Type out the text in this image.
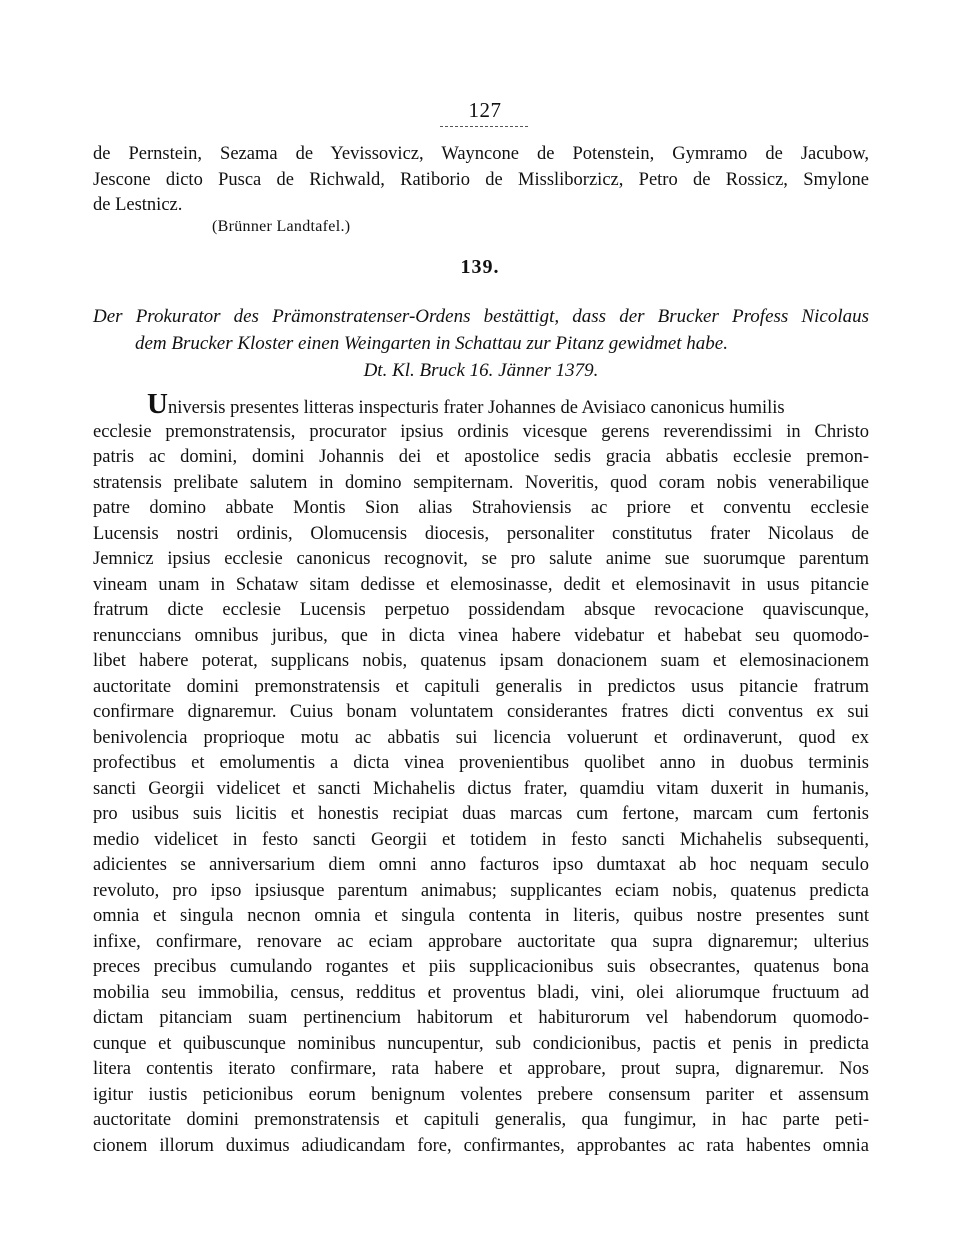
127
de Pernstein, Sezama de Yevissovicz, Wayncone de Potenstein, Gymramo de Jacubow,
Jescone dicto Pusca de Richwald, Ratiborio de Missliborzicz, Petro de Rossicz, Smylone
de Lestnicz.
(Brünner Landtafel.)
139.
Der Prokurator des Prämonstratenser-Ordens bestättigt, dass der Brucker Profess Nicolaus
dem Brucker Kloster einen Weingarten in Schattau zur Pitanz gewidmet habe.
Dt. Kl. Bruck 16. Jänner 1379.
Universis presentes litteras inspecturis frater Johannes de Avisiaco canonicus humilis
ecclesie premonstratensis, procurator ipsius ordinis vicesque gerens reverendissimi in Christo
patris ac domini, domini Johannis dei et apostolice sedis gracia abbatis ecclesie premon-
stratensis prelibate salutem in domino sempiternam. Noveritis, quod coram nobis venerabilique
patre domino abbate Montis Sion alias Strahoviensis ac priore et conventu ecclesie
Lucensis nostri ordinis, Olomucensis diocesis, personaliter constitutus frater Nicolaus de
Jemnicz ipsius ecclesie canonicus recognovit, se pro salute anime sue suorumque parentum
vineam unam in Schataw sitam dedisse et elemosinasse, dedit et elemosinavit in usus pitancie
fratrum dicte ecclesie Lucensis perpetuo possidendam absque revocacione quaviscunque,
renunccians omnibus juribus, que in dicta vinea habere videbatur et habebat seu quomodo-
libet habere poterat, supplicans nobis, quatenus ipsam donacionem suam et elemosinacionem
auctoritate domini premonstratensis et capituli generalis in predictos usus pitancie fratrum
confirmare dignaremur. Cuius bonam voluntatem considerantes fratres dicti conventus ex sui
benivolencia proprioque motu ac abbatis sui licencia voluerunt et ordinaverunt, quod ex
profectibus et emolumentis a dicta vinea provenientibus quolibet anno in duobus terminis
sancti Georgii videlicet et sancti Michahelis dictus frater, quamdiu vitam duxerit in humanis,
pro usibus suis licitis et honestis recipiat duas marcas cum fertone, marcam cum fertonis
medio videlicet in festo sancti Georgii et totidem in festo sancti Michahelis subsequenti,
adicientes se anniversarium diem omni anno facturos ipso dumtaxat ab hoc nequam seculo
revoluto, pro ipso ipsiusque parentum animabus; supplicantes eciam nobis, quatenus predicta
omnia et singula necnon omnia et singula contenta in literis, quibus nostre presentes sunt
infixe, confirmare, renovare ac eciam approbare auctoritate qua supra dignaremur; ulterius
preces precibus cumulando rogantes et piis supplicacionibus suis obsecrantes, quatenus bona
mobilia seu immobilia, census, redditus et proventus bladi, vini, olei aliorumque fructuum ad
dictam pitanciam suam pertinencium habitorum et habiturorum vel habendorum quomodo-
cunque et quibuscunque nominibus nuncupentur, sub condicionibus, pactis et penis in predicta
litera contentis iterato confirmare, rata habere et approbare, prout supra, dignaremur. Nos
igitur iustis peticionibus eorum benignum volentes prebere consensum pariter et assensum
auctoritate domini premonstratensis et capituli generalis, qua fungimur, in hac parte peti-
cionem illorum duximus adiudicandam fore, confirmantes, approbantes ac rata habentes omnia
